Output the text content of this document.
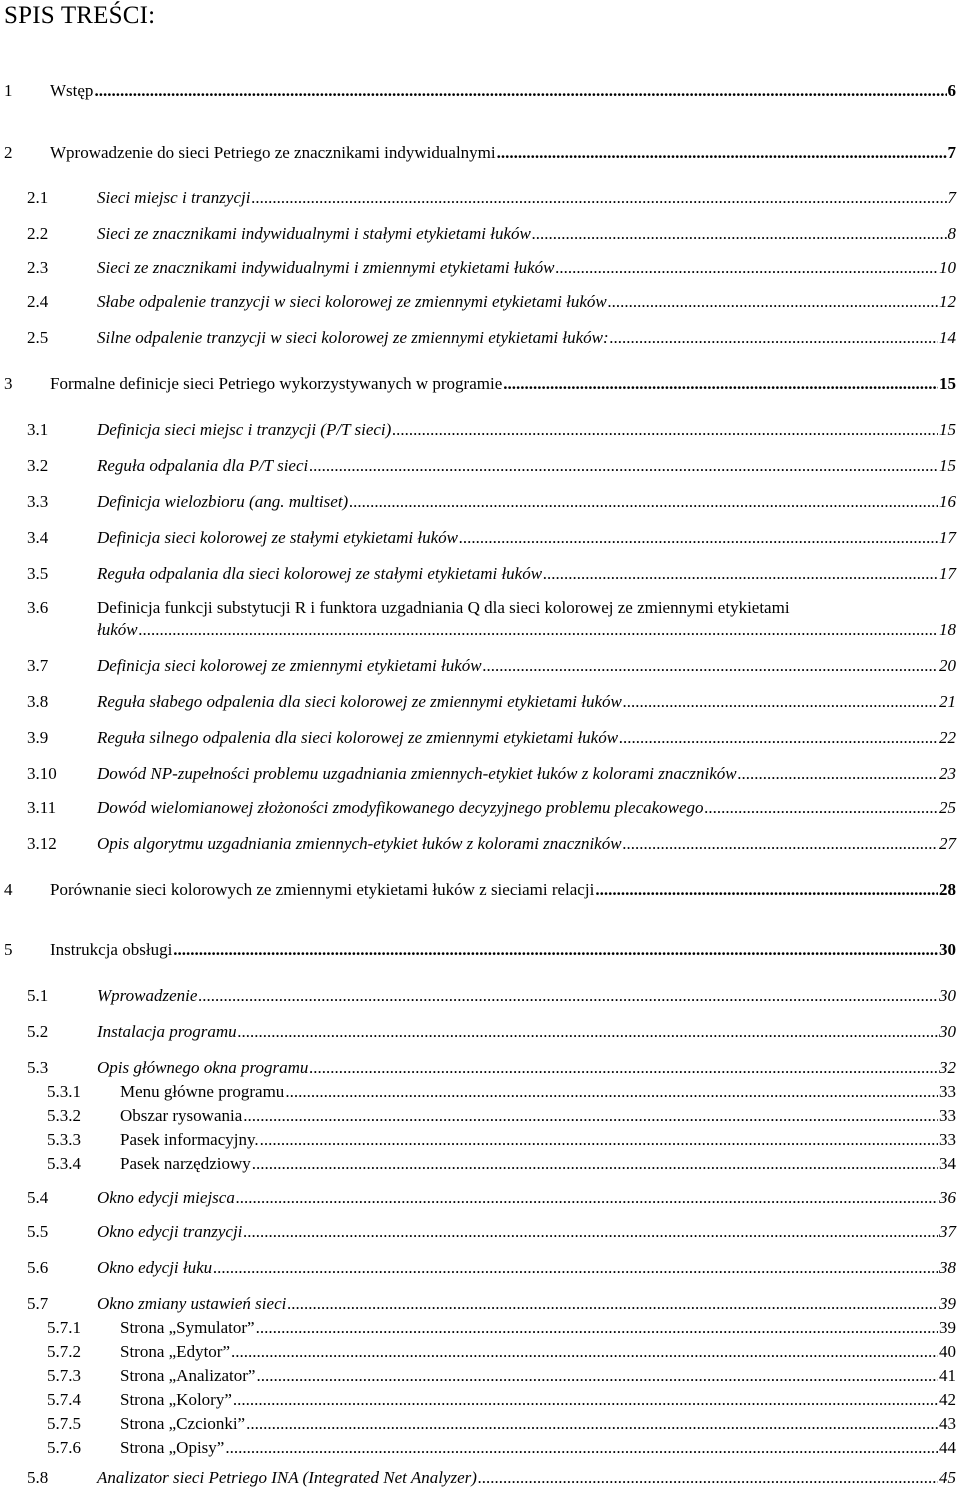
SPIS TREŚCI:
1 Wstęp .....	6
2 Wprowadzenie do sieci Petriego ze znacznikami indywidualnymi .....	7
2.1	Sieci miejsc i tranzycji .....	7
2.2	Sieci ze znacznikami indywidualnymi i stałymi etykietami łuków .....	8
2.3	Sieci ze znacznikami indywidualnymi i zmiennymi etykietami łuków .....	10
2.4	Słabe odpalenie tranzycji w sieci kolorowej ze zmiennymi etykietami łuków .....	12
2.5	Silne odpalenie tranzycji w sieci kolorowej ze zmiennymi etykietami łuków: .....	14
3 Formalne definicje sieci Petriego wykorzystywanych w programie .....	15
3.1	Definicja sieci miejsc i tranzycji (P/T sieci) .....	15
3.2	Reguła odpalania dla P/T sieci .....	15
3.3	Definicja wielozbioru (ang. multiset) .....	16
3.4	Definicja sieci kolorowej ze stałymi etykietami łuków .....	17
3.5	Reguła odpalania dla sieci kolorowej ze stałymi etykietami łuków .....	17
3.6	Definicja funkcji substytucji R i funktora uzgadniania Q dla sieci kolorowej ze zmiennymi etykietami
łuków .....	18
3.7	Definicja sieci kolorowej ze zmiennymi etykietami łuków .....	20
3.8	Reguła słabego odpalenia dla sieci kolorowej ze zmiennymi etykietami łuków .....	21
3.9	Reguła silnego odpalenia dla sieci kolorowej ze zmiennymi etykietami łuków .....	22
3.10 Dowód NP-zupełności problemu uzgadniania zmiennych-etykiet łuków z kolorami znaczników .....	23
3.11 Dowód wielomianowej złożoności zmodyfikowanego decyzyjnego problemu plecakowego .....	25
3.12 Opis algorytmu uzgadniania zmiennych-etykiet łuków z kolorami znaczników .....	27
4 Porównanie sieci kolorowych ze zmiennymi etykietami łuków z sieciami relacji .....	28
5 Instrukcja obsługi .....	30
5.1	Wprowadzenie .....	30
5.2	Instalacja programu .....	30
5.3	Opis głównego okna programu .....	32
5.3.1 Menu główne programu .....	33
5.3.2 Obszar rysowania .....	33
5.3.3 Pasek informacyjny. .....	33
5.3.4 Pasek narzędziowy .....	34
5.4	Okno edycji miejsca .....	36
5.5	Okno edycji tranzycji .....	37
5.6	Okno edycji łuku .....	38
5.7	Okno zmiany ustawień sieci .....	39
5.7.1 Strona „Symulator” .....	39
5.7.2 Strona „Edytor” .....	40
5.7.3 Strona „Analizator” .....	41
5.7.4 Strona „Kolory” .....	42
5.7.5 Strona „Czcionki” .....	43
5.7.6 Strona „Opisy” .....	44
5.8	Analizator sieci Petriego INA (Integrated Net Analyzer) .....	45
